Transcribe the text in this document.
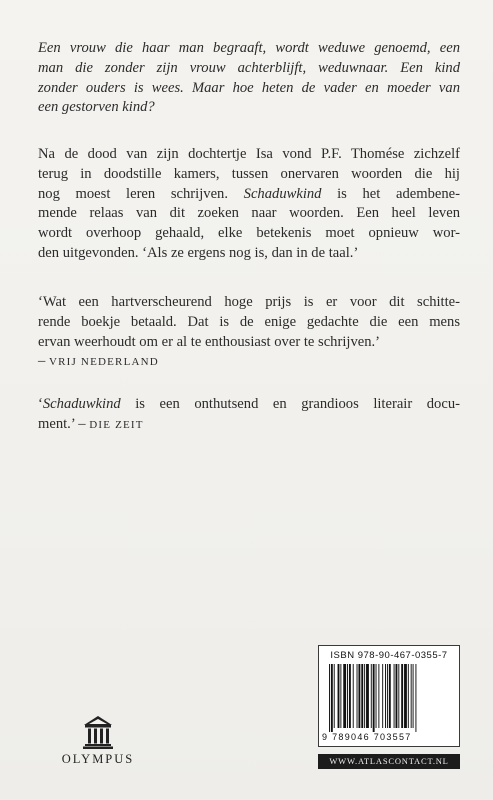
Een vrouw die haar man begraaft, wordt weduwe genoemd, een
man die zonder zijn vrouw achterblijft, weduwnaar. Een kind
zonder ouders is wees. Maar hoe heten de vader en moeder van
een gestorven kind?
Na de dood van zijn dochtertje Isa vond P.F. Thomése zichzelf
terug in doodstille kamers, tussen onervaren woorden die hij
nog moest leren schrijven. Schaduwkind is het adembene-
mende relaas van dit zoeken naar woorden. Een heel leven
wordt overhoop gehaald, elke betekenis moet opnieuw wor-
den uitgevonden. ‘Als ze ergens nog is, dan in de taal.’
‘Wat een hartverscheurend hoge prijs is er voor dit schitte-
rende boekje betaald. Dat is de enige gedachte die een mens
ervan weerhoudt om er al te enthousiast over te schrijven.’
– VRIJ NEDERLAND
‘Schaduwkind is een onthutsend en grandioos literair docu-
ment.’ – DIE ZEIT
OLYMPUS
ISBN 978-90-467-0355-7
9 789046 703557
WWW.ATLASCONTACT.NL
